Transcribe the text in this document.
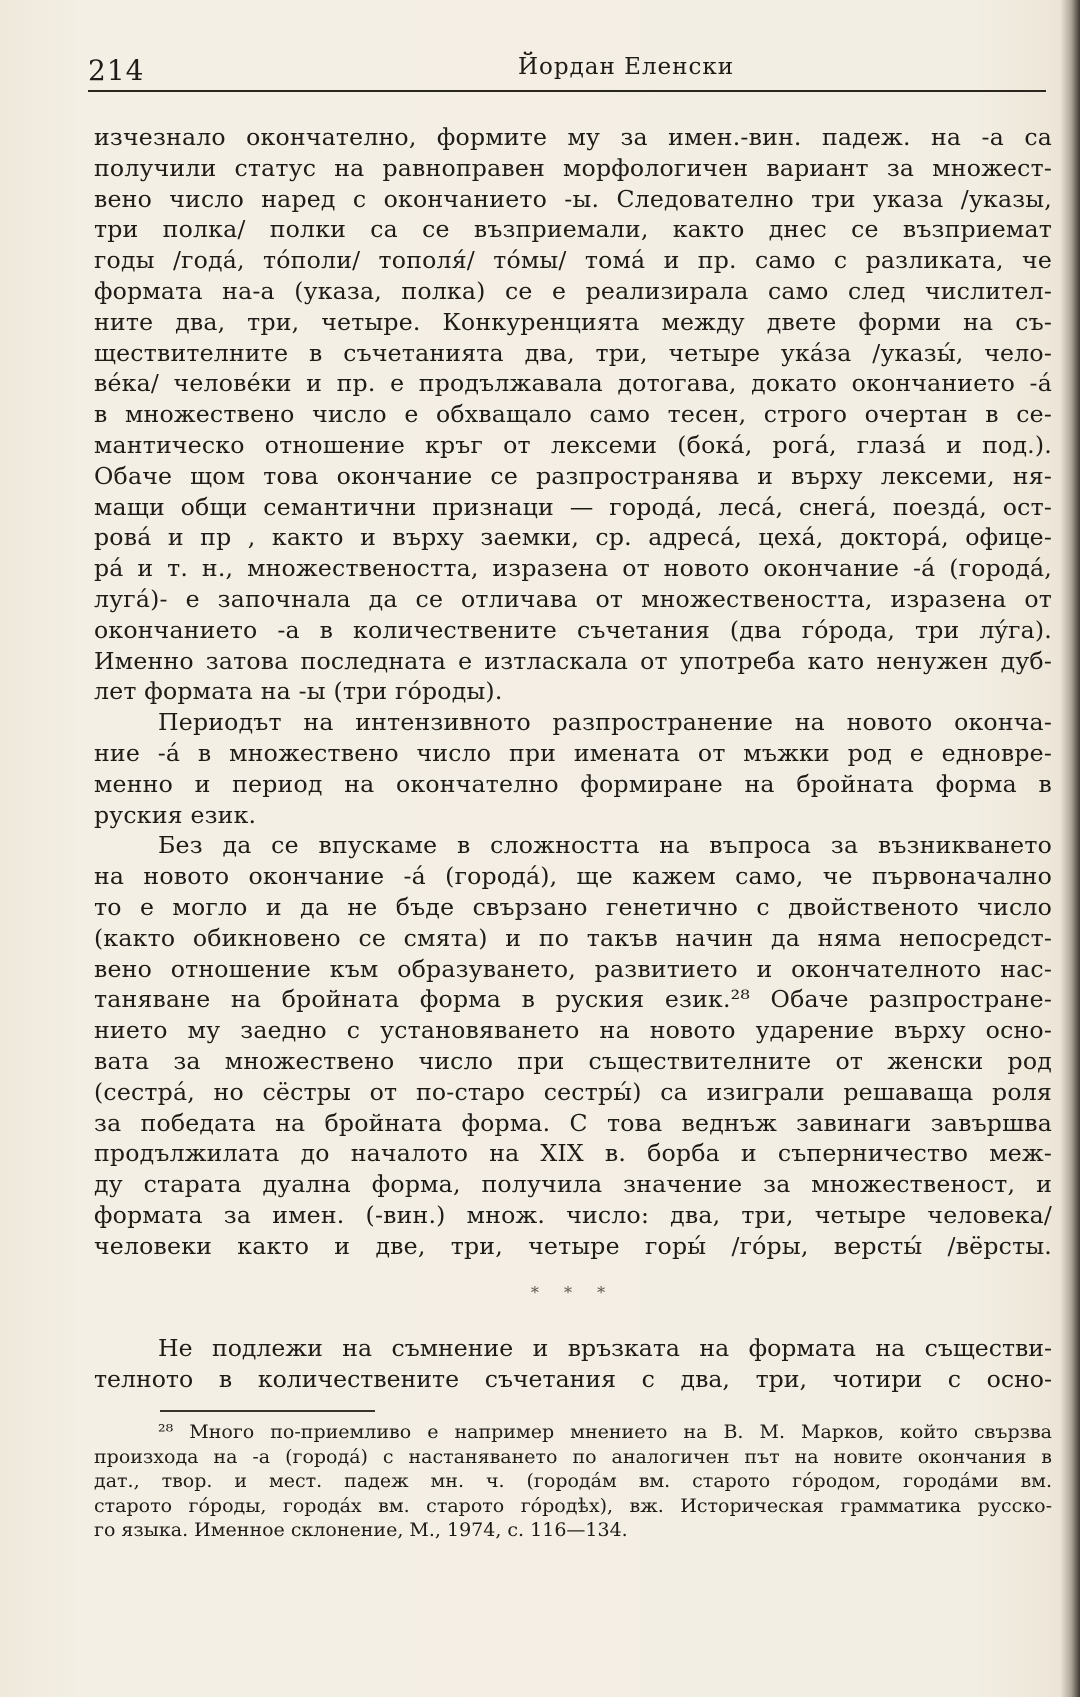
214	Йордан Еленски
изчезнало окончателно, формите му за имен.-вин. падеж. на -а са
получили статус на равноправен морфологичен вариант за множест-
вено число наред с окончанието -ы. Следователно три указа /указы,
три полка/ полки са се възприемали, както днес се възприемат
годы /годá, тóполи/ тополя́/ тóмы/ томá и пр. само с разликата, че
формата на-а (указа, полка) се е реализирала само след числител-
ните два, три, четыре. Конкуренцията между двете форми на съ-
ществителните в съчетанията два, три, четыре укáза /указы́, чело-
вéка/ человéки и пр. е продължавала дотогава, докато окончанието -á
в множествено число е обхващало само тесен, строго очертан в се-
мантическо отношение кръг от лексеми (бокá, рогá, глазá и под.).
Обаче щом това окончание се разпространява и върху лексеми, ня-
мащи общи семантични признаци — городá, лесá, снегá, поездá, ост-
ровá и пр , както и върху заемки, ср. адресá, цехá, докторá, офице-
рá и т. н., множествеността, изразена от новото окончание -á (городá,
лугá)- е започнала да се отличава от множествеността, изразена от
окончанието -а в количествените съчетания (два гóрода, три лýга).
Именно затова последната е изтласкала от употреба като ненужен дуб-
лет формата на -ы (три гóроды).
Периодът на интензивното разпространение на новото оконча-
ние -á в множествено число при имената от мъжки род е едновре-
менно и период на окончателно формиране на бройната форма в
руския език.
Без да се впускаме в сложността на въпроса за възникването
на новото окончание -á (городá), ще кажем само, че първоначално
то е могло и да не бъде свързано генетично с двойственото число
(както обикновено се смята) и по такъв начин да няма непосредст-
вено отношение към образуването, развитието и окончателното нас-
таняване на бройната форма в руския език.²⁸ Обаче разпростране-
нието му заедно с установяването на новото ударение върху осно-
вата за множествено число при съществителните от женски род
(сестрá, но сёстры от по-старо сестры́) са изиграли решаваща роля
за победата на бройната форма. С това веднъж завинаги завършва
продължилата до началото на XIX в. борба и съперничество меж-
ду старата дуална форма, получила значение за множественост, и
формата за имен. (-вин.) множ. число: два, три, четыре человека/
человеки както и две, три, четыре горы́ /гóры, версты́ /вёрсты.
* * *
Не подлежи на съмнение и връзката на формата на съществи-
телното в количествените съчетания с два, три, чотири с осно-
²⁸ Много по-приемливо е например мнението на В. М. Марков, който свързва
произхода на -а (городá) с настаняването по аналогичен път на новите окончания в
дат., твор. и мест. падеж мн. ч. (городáм вм. старото гóродом, городáми вм.
старото гóроды, городáх вм. старото гóродѣх), вж. Историческая грамматика русско-
го языка. Именное склонение, М., 1974, с. 116—134.
